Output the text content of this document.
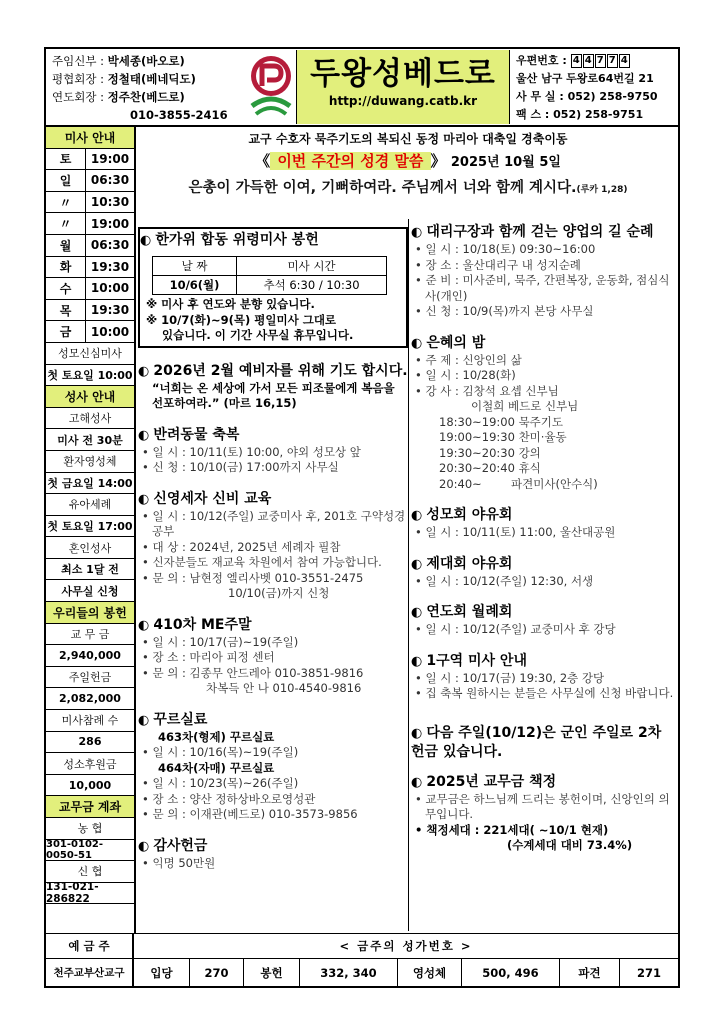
주임신부 : 박세종(바오로)
평협회장 : 정철태(베네딕도)
연도회장 : 정주찬(베드로)
010-3855-2416
두왕성베드로
http://duwang.catb.kr
우편번호 : 4 4 7 7 4
울산 남구 두왕로64번길 21
사 무 실 : 052) 258-9750
팩 스 : 052) 258-9751
미사 안내
토	19:00
일	06:30
〃	10:30
〃	19:00
월	06:30
화	19:30
수	10:00
목	19:30
금	10:00
성모신심미사
첫 토요일 10:00
성사 안내
고해성사
미사 전 30분
환자영성체
첫 금요일 14:00
유아세례
첫 토요일 17:00
혼인성사
최소 1달 전
사무실 신청
우리들의 봉헌
교 무 금
2,940,000
주일헌금
2,082,000
미사참례 수
286
성소후원금
10,000
교무금 계좌
농 협
301-0102-0050-51
신 협
131-021-286822
교구 수호자 묵주기도의 복되신 동정 마리아 대축일 경축이동
《 이번 주간의 성경 말씀 》 2025년 10월 5일
은총이 가득한 이여, 기뻐하여라. 주님께서 너와 함께 계시다.(루카 1,28)
◐ 한가위 합동 위령미사 봉헌
날 짜	미사 시간
10/6(월)	추석 6:30 / 10:30
※ 미사 후 연도와 분향 있습니다.
※ 10/7(화)~9(목) 평일미사 그대로
있습니다. 이 기간 사무실 휴무입니다.
◐ 2026년 2월 예비자를 위해 기도 합시다.
“너희는 온 세상에 가서 모든 피조물에게 복음을 선포하여라.” (마르 16,15)
◐ 반려동물 축복
• 일 시 : 10/11(토) 10:00, 야외 성모상 앞
• 신 청 : 10/10(금) 17:00까지 사무실
◐ 신영세자 신비 교육
• 일 시 : 10/12(주일) 교중미사 후, 201호 구약성경 공부
• 대 상 : 2024년, 2025년 세례자 필참
• 신자분들도 재교육 차원에서 참여 가능합니다.
• 문 의 : 남현정 엘리사벳 010-3551-2475
10/10(금)까지 신청
◐ 410차 ME주말
• 일 시 : 10/17(금)~19(주일)
• 장 소 : 마리아 피정 센터
• 문 의 : 김종무 안드레아 010-3851-9816
차복득 안 나 010-4540-9816
◐ 꾸르실료
463차(형제) 꾸르실료
• 일 시 : 10/16(목)~19(주일)
464차(자매) 꾸르실료
• 일 시 : 10/23(목)~26(주일)
• 장 소 : 양산 정하상바오로영성관
• 문 의 : 이재관(베드로) 010-3573-9856
◐ 감사헌금
• 익명 50만원
◐ 대리구장과 함께 걷는 양업의 길 순례
• 일 시 : 10/18(토) 09:30~16:00
• 장 소 : 울산대리구 내 성지순례
• 준 비 : 미사준비, 묵주, 간편복장, 운동화, 점심식사(개인)
• 신 청 : 10/9(목)까지 본당 사무실
◐ 은혜의 밤
• 주 제 : 신앙인의 삶
• 일 시 : 10/28(화)
• 강 사 : 김창석 요셉 신부님
이철희 베드로 신부님
18:30~19:00 묵주기도
19:00~19:30 찬미·율동
19:30~20:30 강의
20:30~20:40 휴식
20:40~        파견미사(안수식)
◐ 성모회 야유회
• 일 시 : 10/11(토) 11:00, 울산대공원
◐ 제대회 야유회
• 일 시 : 10/12(주일) 12:30, 서생
◐ 연도회 월례회
• 일 시 : 10/12(주일) 교중미사 후 강당
◐ 1구역 미사 안내
• 일 시 : 10/17(금) 19:30, 2층 강당
• 집 축복 원하시는 분들은 사무실에 신청 바랍니다.
◐ 다음 주일(10/12)은 군인 주일로 2차 헌금 있습니다.
◐ 2025년 교무금 책정
• 교무금은 하느님께 드리는 봉헌이며, 신앙인의 의무입니다.
• 책정세대 : 221세대( ~10/1 현재)
(수계세대 대비 73.4%)
예 금 주	< 금주의 성가번호 >
천주교부산교구	입당	270	봉헌	332, 340	영성체	500, 496	파견	271
